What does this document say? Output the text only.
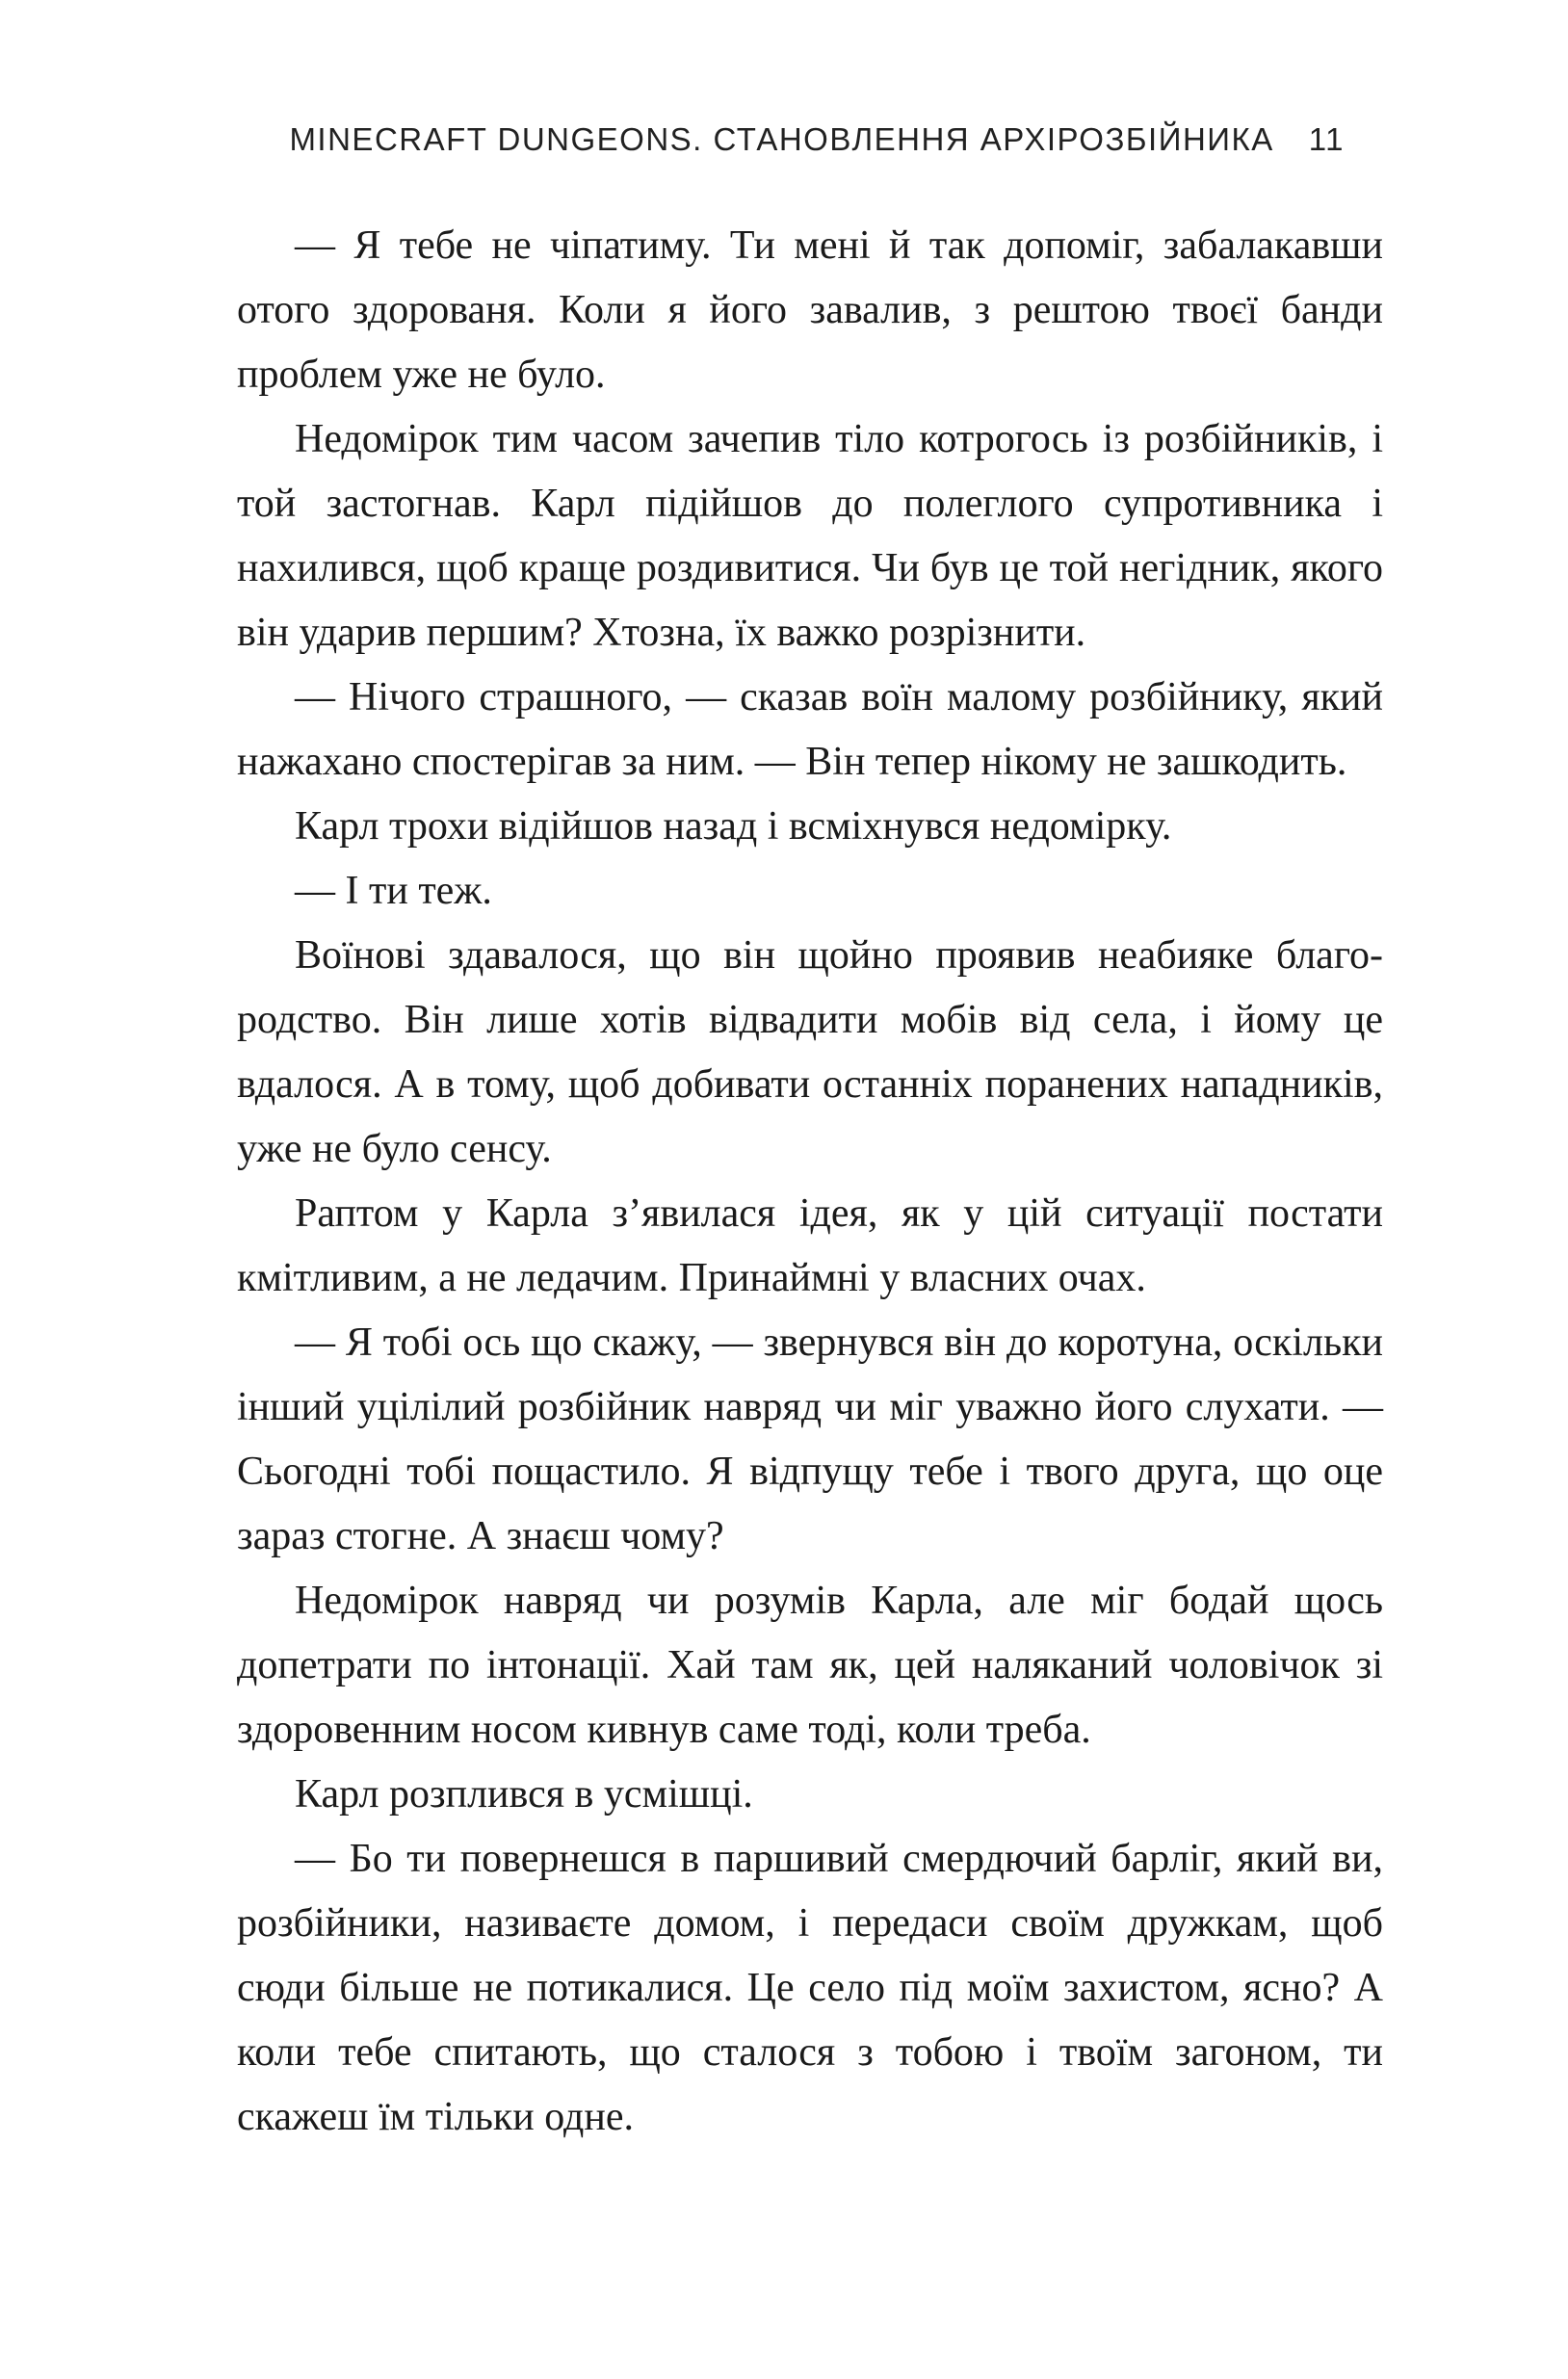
MINECRAFT DUNGEONS. СТАНОВЛЕННЯ АРХІРОЗБІЙНИКА 11

— Я тебе не чіпатиму. Ти мені й так допоміг, забалакавши отого здорованя. Коли я його завалив, з рештою твоєї банди проблем уже не було.

Недомірок тим часом зачепив тіло котрогось із розбійників, і той застогнав. Карл підійшов до полеглого супротивника і нахилився, щоб краще роздивитися. Чи був це той негідник, якого він ударив першим? Хтозна, їх важко розрізнити.

— Нічого страшного, — сказав воїн малому розбійнику, який нажахано спостерігав за ним. — Він тепер нікому не зашкодить.

Карл трохи відійшов назад і всміхнувся недомірку.

— І ти теж.

Воїнові здавалося, що він щойно проявив неабияке благородство. Він лише хотів відвадити мобів від села, і йому це вдалося. А в тому, щоб добивати останніх поранених нападників, уже не було сенсу.

Раптом у Карла з’явилася ідея, як у цій ситуації постати кмітливим, а не ледачим. Принаймні у власних очах.

— Я тобі ось що скажу, — звернувся він до коротуна, оскільки інший уцілілий розбійник навряд чи міг уважно його слухати. — Сьогодні тобі пощастило. Я відпущу тебе і твого друга, що оце зараз стогне. А знаєш чому?

Недомірок навряд чи розумів Карла, але міг бодай щось допетрати по інтонації. Хай там як, цей наляканий чоловічок зі здоровенним носом кивнув саме тоді, коли треба.

Карл розплився в усмішці.

— Бо ти повернешся в паршивий смердючий барліг, який ви, розбійники, називаєте домом, і передаси своїм дружкам, щоб сюди більше не потикалися. Це село під моїм захистом, ясно? А коли тебе спитають, що сталося з тобою і твоїм загоном, ти скажеш їм тільки одне.
